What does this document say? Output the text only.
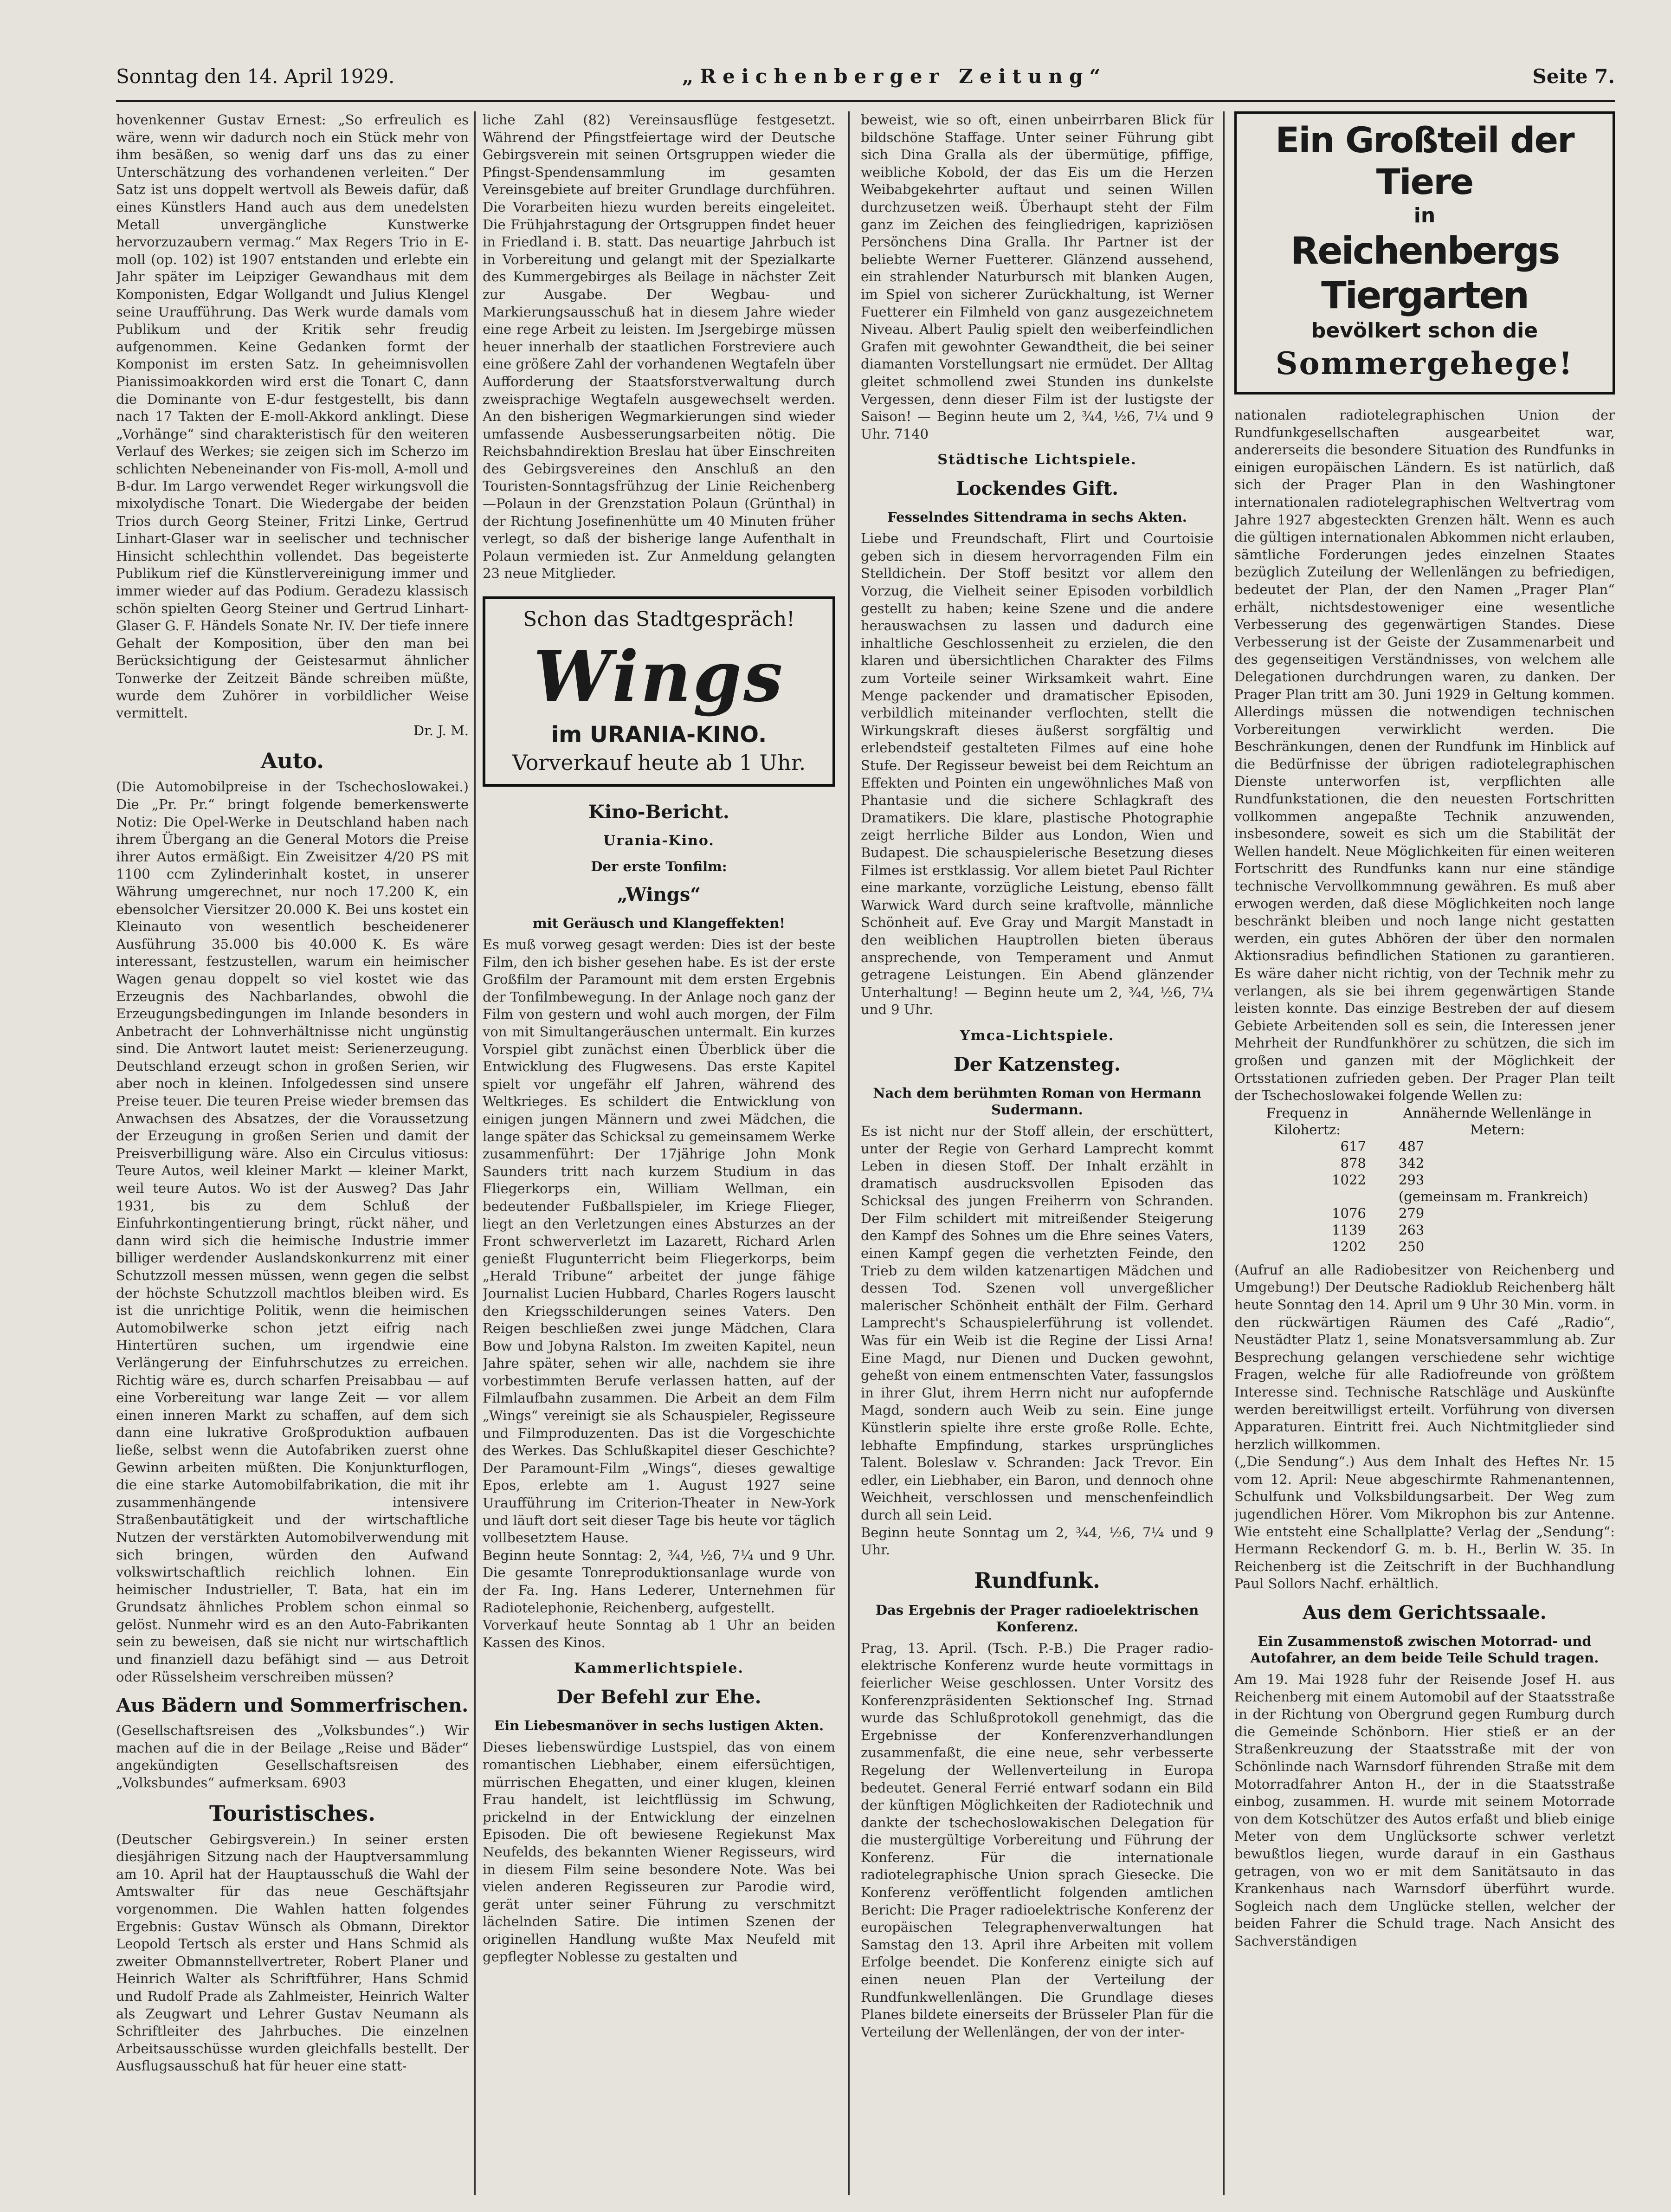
Sonntag den 14. April 1929.	„Reichenberger Zeitung“	Seite 7.

hovenkenner Gustav Ernest: „So erfreulich es wäre, wenn wir dadurch noch ein Stück mehr von ihm besäßen, so wenig darf uns das zu einer Unterschätzung des vorhandenen verleiten.“ Der Satz ist uns doppelt wertvoll als Beweis dafür, daß eines Künstlers Hand auch aus dem unedelsten Metall unvergängliche Kunstwerke hervorzuzaubern vermag.“ Max Regers Trio in E-moll (op. 102) ist 1907 entstanden und erlebte ein Jahr später im Leipziger Gewandhaus mit dem Komponisten, Edgar Wollgandt und Julius Klengel seine Uraufführung. Das Werk wurde damals vom Publikum und der Kritik sehr freudig aufgenommen. Keine Gedanken formt der Komponist im ersten Satz. In geheimnisvollen Pianissimoakkorden wird erst die Tonart C, dann die Dominante von E-dur festgestellt, bis dann nach 17 Takten der E-moll-Akkord anklingt. Diese „Vorhänge“ sind charakteristisch für den weiteren Verlauf des Werkes; sie zeigen sich im Scherzo im schlichten Nebeneinander von Fis-moll, A-moll und B-dur. Im Largo verwendet Reger wirkungsvoll die mixolydische Tonart. Die Wiedergabe der beiden Trios durch Georg Steiner, Fritzi Linke, Gertrud Linhart-Glaser war in seelischer und technischer Hinsicht schlechthin vollendet. Das begeisterte Publikum rief die Künstlervereinigung immer und immer wieder auf das Podium. Geradezu klassisch schön spielten Georg Steiner und Gertrud Linhart-Glaser G. F. Händels Sonate Nr. IV. Der tiefe innere Gehalt der Komposition, über den man bei Berücksichtigung der Geistesarmut ähnlicher Tonwerke der Zeitzeit Bände schreiben müßte, wurde dem Zuhörer in vorbildlicher Weise vermittelt.

Dr. J. M.

Auto.

(Die Automobilpreise in der Tschechoslowakei.) Die „Pr. Pr.“ bringt folgende bemerkenswerte Notiz: Die Opel-Werke in Deutschland haben nach ihrem Übergang an die General Motors die Preise ihrer Autos ermäßigt. Ein Zweisitzer 4/20 PS mit 1100 ccm Zylinderinhalt kostet, in unserer Währung umgerechnet, nur noch 17.200 K, ein ebensolcher Viersitzer 20.000 K. Bei uns kostet ein Kleinauto von wesentlich bescheidenerer Ausführung 35.000 bis 40.000 K. Es wäre interessant, festzustellen, warum ein heimischer Wagen genau doppelt so viel kostet wie das Erzeugnis des Nachbarlandes, obwohl die Erzeugungsbedingungen im Inlande besonders in Anbetracht der Lohnverhältnisse nicht ungünstig sind. Die Antwort lautet meist: Serienerzeugung. Deutschland erzeugt schon in großen Serien, wir aber noch in kleinen. Infolgedessen sind unsere Preise teuer. Die teuren Preise wieder bremsen das Anwachsen des Absatzes, der die Voraussetzung der Erzeugung in großen Serien und damit der Preisverbilligung wäre. Also ein Circulus vitiosus: Teure Autos, weil kleiner Markt — kleiner Markt, weil teure Autos. Wo ist der Ausweg? Das Jahr 1931, bis zu dem Schluß der Einfuhrkontingentierung bringt, rückt näher, und dann wird sich die heimische Industrie immer billiger werdender Auslandskonkurrenz mit einer Schutzzoll messen müssen, wenn gegen die selbst der höchste Schutzzoll machtlos bleiben wird. Es ist die unrichtige Politik, wenn die heimischen Automobilwerke schon jetzt eifrig nach Hintertüren suchen, um irgendwie eine Verlängerung der Einfuhrschutzes zu erreichen. Richtig wäre es, durch scharfen Preisabbau — auf eine Vorbereitung war lange Zeit — vor allem einen inneren Markt zu schaffen, auf dem sich dann eine lukrative Großproduktion aufbauen ließe, selbst wenn die Autofabriken zuerst ohne Gewinn arbeiten müßten. Die Konjunkturflogen, die eine starke Automobilfabrikation, die mit ihr zusammenhängende intensivere Straßenbautätigkeit und der wirtschaftliche Nutzen der verstärkten Automobilverwendung mit sich bringen, würden den Aufwand volkswirtschaftlich reichlich lohnen. Ein heimischer Industrieller, T. Bata, hat ein im Grundsatz ähnliches Problem schon einmal so gelöst. Nunmehr wird es an den Auto-Fabrikanten sein zu beweisen, daß sie nicht nur wirtschaftlich und finanziell dazu befähigt sind — aus Detroit oder Rüsselsheim verschreiben müssen?

Aus Bädern und Sommerfrischen.

(Gesellschaftsreisen des „Volksbundes“.) Wir machen auf die in der Beilage „Reise und Bäder“ angekündigten Gesellschaftsreisen des „Volksbundes“ aufmerksam. 6903

Touristisches.

(Deutscher Gebirgsverein.) In seiner ersten diesjährigen Sitzung nach der Hauptversammlung am 10. April hat der Hauptausschuß die Wahl der Amtswalter für das neue Geschäftsjahr vorgenommen. Die Wahlen hatten folgendes Ergebnis: Gustav Wünsch als Obmann, Direktor Leopold Tertsch als erster und Hans Schmid als zweiter Obmannstellvertreter, Robert Planer und Heinrich Walter als Schriftführer, Hans Schmid und Rudolf Prade als Zahlmeister, Heinrich Walter als Zeugwart und Lehrer Gustav Neumann als Schriftleiter des Jahrbuches. Die einzelnen Arbeitsausschüsse wurden gleichfalls bestellt. Der Ausflugsausschuß hat für heuer eine statt-

liche Zahl (82) Vereinsausflüge festgesetzt. Während der Pfingstfeiertage wird der Deutsche Gebirgsverein mit seinen Ortsgruppen wieder die Pfingst-Spendensammlung im gesamten Vereinsgebiete auf breiter Grundlage durchführen. Die Vorarbeiten hiezu wurden bereits eingeleitet. Die Frühjahrstagung der Ortsgruppen findet heuer in Friedland i. B. statt. Das neuartige Jahrbuch ist in Vorbereitung und gelangt mit der Spezialkarte des Kummergebirges als Beilage in nächster Zeit zur Ausgabe. Der Wegbau- und Markierungsausschuß hat in diesem Jahre wieder eine rege Arbeit zu leisten. Im Jsergebirge müssen heuer innerhalb der staatlichen Forstreviere auch eine größere Zahl der vorhandenen Wegtafeln über Aufforderung der Staatsforstverwaltung durch zweisprachige Wegtafeln ausgewechselt werden. An den bisherigen Wegmarkierungen sind wieder umfassende Ausbesserungsarbeiten nötig. Die Reichsbahndirektion Breslau hat über Einschreiten des Gebirgsvereines den Anschluß an den Touristen-Sonntagsfrühzug der Linie Reichenberg—Polaun in der Grenzstation Polaun (Grünthal) in der Richtung Josefinenhütte um 40 Minuten früher verlegt, so daß der bisherige lange Aufenthalt in Polaun vermieden ist. Zur Anmeldung gelangten 23 neue Mitglieder.

Schon das Stadtgespräch!
Wings
im URANIA-KINO.
Vorverkauf heute ab 1 Uhr.
Kino-Bericht.
Urania-Kino.
Der erste Tonfilm:
„Wings“
mit Geräusch und Klangeffekten!

Es muß vorweg gesagt werden: Dies ist der beste Film, den ich bisher gesehen habe. Es ist der erste Großfilm der Paramount mit dem ersten Ergebnis der Tonfilmbewegung. In der Anlage noch ganz der Film von gestern und wohl auch morgen, der Film von mit Simultangeräuschen untermalt. Ein kurzes Vorspiel gibt zunächst einen Überblick über die Entwicklung des Flugwesens. Das erste Kapitel spielt vor ungefähr elf Jahren, während des Weltkrieges. Es schildert die Entwicklung von einigen jungen Männern und zwei Mädchen, die lange später das Schicksal zu gemeinsamem Werke zusammenführt: Der 17jährige John Monk Saunders tritt nach kurzem Studium in das Fliegerkorps ein, William Wellman, ein bedeutender Fußballspieler, im Kriege Flieger, liegt an den Verletzungen eines Absturzes an der Front schwerverletzt im Lazarett, Richard Arlen genießt Flugunterricht beim Fliegerkorps, beim „Herald Tribune“ arbeitet der junge fähige Journalist Lucien Hubbard, Charles Rogers lauscht den Kriegsschilderungen seines Vaters. Den Reigen beschließen zwei junge Mädchen, Clara Bow und Jobyna Ralston. Im zweiten Kapitel, neun Jahre später, sehen wir alle, nachdem sie ihre vorbestimmten Berufe verlassen hatten, auf der Filmlaufbahn zusammen. Die Arbeit an dem Film „Wings“ vereinigt sie als Schauspieler, Regisseure und Filmproduzenten. Das ist die Vorgeschichte des Werkes. Das Schlußkapitel dieser Geschichte? Der Paramount-Film „Wings“, dieses gewaltige Epos, erlebte am 1. August 1927 seine Uraufführung im Criterion-Theater in New-York und läuft dort seit dieser Tage bis heute vor täglich vollbesetztem Hause.

Beginn heute Sonntag: 2, ¾4, ½6, 7¼ und 9 Uhr. Die gesamte Tonreproduktionsanlage wurde von der Fa. Ing. Hans Lederer, Unternehmen für Radiotelephonie, Reichenberg, aufgestellt.

Vorverkauf heute Sonntag ab 1 Uhr an beiden Kassen des Kinos.

Kammerlichtspiele.
Der Befehl zur Ehe.
Ein Liebesmanöver in sechs lustigen Akten.

Dieses liebenswürdige Lustspiel, das von einem romantischen Liebhaber, einem eifersüchtigen, mürrischen Ehegatten, und einer klugen, kleinen Frau handelt, ist leichtflüssig im Schwung, prickelnd in der Entwicklung der einzelnen Episoden. Die oft bewiesene Regiekunst Max Neufelds, des bekannten Wiener Regisseurs, wird in diesem Film seine besondere Note. Was bei vielen anderen Regisseuren zur Parodie wird, gerät unter seiner Führung zu verschmitzt lächelnden Satire. Die intimen Szenen der originellen Handlung wußte Max Neufeld mit gepflegter Noblesse zu gestalten und

beweist, wie so oft, einen unbeirrbaren Blick für bildschöne Staffage. Unter seiner Führung gibt sich Dina Gralla als der übermütige, pfiffige, weibliche Kobold, der das Eis um die Herzen Weibabgekehrter auftaut und seinen Willen durchzusetzen weiß. Überhaupt steht der Film ganz im Zeichen des feingliedrigen, kapriziösen Persönchens Dina Gralla. Ihr Partner ist der beliebte Werner Fuetterer. Glänzend aussehend, ein strahlender Naturbursch mit blanken Augen, im Spiel von sicherer Zurückhaltung, ist Werner Fuetterer ein Filmheld von ganz ausgezeichnetem Niveau. Albert Paulig spielt den weiberfeindlichen Grafen mit gewohnter Gewandtheit, die bei seiner diamanten Vorstellungsart nie ermüdet. Der Alltag gleitet schmollend zwei Stunden ins dunkelste Vergessen, denn dieser Film ist der lustigste der Saison! — Beginn heute um 2, ¾4, ½6, 7¼ und 9 Uhr. 7140

Städtische Lichtspiele.
Lockendes Gift.
Fesselndes Sittendrama in sechs Akten.

Liebe und Freundschaft, Flirt und Courtoisie geben sich in diesem hervorragenden Film ein Stelldichein. Der Stoff besitzt vor allem den Vorzug, die Vielheit seiner Episoden vorbildlich gestellt zu haben; keine Szene und die andere herauswachsen zu lassen und dadurch eine inhaltliche Geschlossenheit zu erzielen, die den klaren und übersichtlichen Charakter des Films zum Vorteile seiner Wirksamkeit wahrt. Eine Menge packender und dramatischer Episoden, verbildlich miteinander verflochten, stellt die Wirkungskraft dieses äußerst sorgfältig und erlebendsteif gestalteten Filmes auf eine hohe Stufe. Der Regisseur beweist bei dem Reichtum an Effekten und Pointen ein ungewöhnliches Maß von Phantasie und die sichere Schlagkraft des Dramatikers. Die klare, plastische Photographie zeigt herrliche Bilder aus London, Wien und Budapest. Die schauspielerische Besetzung dieses Filmes ist erstklassig. Vor allem bietet Paul Richter eine markante, vorzügliche Leistung, ebenso fällt Warwick Ward durch seine kraftvolle, männliche Schönheit auf. Eve Gray und Margit Manstadt in den weiblichen Hauptrollen bieten überaus ansprechende, von Temperament und Anmut getragene Leistungen. Ein Abend glänzender Unterhaltung! — Beginn heute um 2, ¾4, ½6, 7¼ und 9 Uhr.

Ymca-Lichtspiele.
Der Katzensteg.
Nach dem berühmten Roman von Hermann Sudermann.

Es ist nicht nur der Stoff allein, der erschüttert, unter der Regie von Gerhard Lamprecht kommt Leben in diesen Stoff. Der Inhalt erzählt in dramatisch ausdrucksvollen Episoden das Schicksal des jungen Freiherrn von Schranden. Der Film schildert mit mitreißender Steigerung den Kampf des Sohnes um die Ehre seines Vaters, einen Kampf gegen die verhetzten Feinde, den Trieb zu dem wilden katzenartigen Mädchen und dessen Tod. Szenen voll unvergeßlicher malerischer Schönheit enthält der Film. Gerhard Lamprecht's Schauspielerführung ist vollendet. Was für ein Weib ist die Regine der Lissi Arna! Eine Magd, nur Dienen und Ducken gewohnt, geheßt von einem entmenschten Vater, fassungslos in ihrer Glut, ihrem Herrn nicht nur aufopfernde Magd, sondern auch Weib zu sein. Eine junge Künstlerin spielte ihre erste große Rolle. Echte, lebhafte Empfindung, starkes ursprüngliches Talent. Boleslaw v. Schranden: Jack Trevor. Ein edler, ein Liebhaber, ein Baron, und dennoch ohne Weichheit, verschlossen und menschenfeindlich durch all sein Leid.

Beginn heute Sonntag um 2, ¾4, ½6, 7¼ und 9 Uhr.

Rundfunk.
Das Ergebnis der Prager radioelektrischen Konferenz.

Prag, 13. April. (Tsch. P.-B.) Die Prager radio-elektrische Konferenz wurde heute vormittags in feierlicher Weise geschlossen. Unter Vorsitz des Konferenzpräsidenten Sektionschef Ing. Strnad wurde das Schlußprotokoll genehmigt, das die Ergebnisse der Konferenzverhandlungen zusammenfaßt, die eine neue, sehr verbesserte Regelung der Wellenverteilung in Europa bedeutet. General Ferrié entwarf sodann ein Bild der künftigen Möglichkeiten der Radiotechnik und dankte der tschechoslowakischen Delegation für die mustergültige Vorbereitung und Führung der Konferenz. Für die internationale radiotelegraphische Union sprach Giesecke. Die Konferenz veröffentlicht folgenden amtlichen Bericht: Die Prager radioelektrische Konferenz der europäischen Telegraphenverwaltungen hat Samstag den 13. April ihre Arbeiten mit vollem Erfolge beendet. Die Konferenz einigte sich auf einen neuen Plan der Verteilung der Rundfunkwellenlängen. Die Grundlage dieses Planes bildete einerseits der Brüsseler Plan für die Verteilung der Wellenlängen, der von der inter-

Ein Großteil der Tiere
in
Reichenbergs Tiergarten
bevölkert schon die
Sommergehege!

nationalen radiotelegraphischen Union der Rundfunkgesellschaften ausgearbeitet war, andererseits die besondere Situation des Rundfunks in einigen europäischen Ländern. Es ist natürlich, daß sich der Prager Plan in den Washingtoner internationalen radiotelegraphischen Weltvertrag vom Jahre 1927 abgesteckten Grenzen hält. Wenn es auch die gültigen internationalen Abkommen nicht erlauben, sämtliche Forderungen jedes einzelnen Staates bezüglich Zuteilung der Wellenlängen zu befriedigen, bedeutet der Plan, der den Namen „Prager Plan“ erhält, nichtsdestoweniger eine wesentliche Verbesserung des gegenwärtigen Standes. Diese Verbesserung ist der Geiste der Zusammenarbeit und des gegenseitigen Verständnisses, von welchem alle Delegationen durchdrungen waren, zu danken. Der Prager Plan tritt am 30. Juni 1929 in Geltung kommen. Allerdings müssen die notwendigen technischen Vorbereitungen verwirklicht werden. Die Beschränkungen, denen der Rundfunk im Hinblick auf die Bedürfnisse der übrigen radiotelegraphischen Dienste unterworfen ist, verpflichten alle Rundfunkstationen, die den neuesten Fortschritten vollkommen angepaßte Technik anzuwenden, insbesondere, soweit es sich um die Stabilität der Wellen handelt. Neue Möglichkeiten für einen weiteren Fortschritt des Rundfunks kann nur eine ständige technische Vervollkommnung gewähren. Es muß aber erwogen werden, daß diese Möglichkeiten noch lange beschränkt bleiben und noch lange nicht gestatten werden, ein gutes Abhören der über den normalen Aktionsradius befindlichen Stationen zu garantieren. Es wäre daher nicht richtig, von der Technik mehr zu verlangen, als sie bei ihrem gegenwärtigen Stande leisten konnte. Das einzige Bestreben der auf diesem Gebiete Arbeitenden soll es sein, die Interessen jener Mehrheit der Rundfunkhörer zu schützen, die sich im großen und ganzen mit der Möglichkeit der Ortsstationen zufrieden geben. Der Prager Plan teilt der Tschechoslowakei folgende Wellen zu:

Frequenz in Kilohertz:	Annähernde Wellenlänge in Metern:
617	487
878	342
1022	293
	(gemeinsam m. Frankreich)
1076	279
1139	263
1202	250

(Aufruf an alle Radiobesitzer von Reichenberg und Umgebung!) Der Deutsche Radioklub Reichenberg hält heute Sonntag den 14. April um 9 Uhr 30 Min. vorm. in den rückwärtigen Räumen des Café „Radio“, Neustädter Platz 1, seine Monatsversammlung ab. Zur Besprechung gelangen verschiedene sehr wichtige Fragen, welche für alle Radiofreunde von größtem Interesse sind. Technische Ratschläge und Auskünfte werden bereitwilligst erteilt. Vorführung von diversen Apparaturen. Eintritt frei. Auch Nichtmitglieder sind herzlich willkommen.

(„Die Sendung“.) Aus dem Inhalt des Heftes Nr. 15 vom 12. April: Neue abgeschirmte Rahmenantennen, Schulfunk und Volksbildungsarbeit. Der Weg zum jugendlichen Hörer. Vom Mikrophon bis zur Antenne. Wie entsteht eine Schallplatte? Verlag der „Sendung“: Hermann Reckendorf G. m. b. H., Berlin W. 35. In Reichenberg ist die Zeitschrift in der Buchhandlung Paul Sollors Nachf. erhältlich.

Aus dem Gerichtssaale.
Ein Zusammenstoß zwischen Motorrad- und Autofahrer, an dem beide Teile Schuld tragen.

Am 19. Mai 1928 fuhr der Reisende Josef H. aus Reichenberg mit einem Automobil auf der Staatsstraße in der Richtung von Obergrund gegen Rumburg durch die Gemeinde Schönborn. Hier stieß er an der Straßenkreuzung der Staatsstraße mit der von Schönlinde nach Warnsdorf führenden Straße mit dem Motorradfahrer Anton H., der in die Staatsstraße einbog, zusammen. H. wurde mit seinem Motorrade von dem Kotschützer des Autos erfaßt und blieb einige Meter von dem Unglücksorte schwer verletzt bewußtlos liegen, wurde darauf in ein Gasthaus getragen, von wo er mit dem Sanitätsauto in das Krankenhaus nach Warnsdorf überführt wurde. Sogleich nach dem Unglücke stellen, welcher der beiden Fahrer die Schuld trage. Nach Ansicht des Sachverständigen
